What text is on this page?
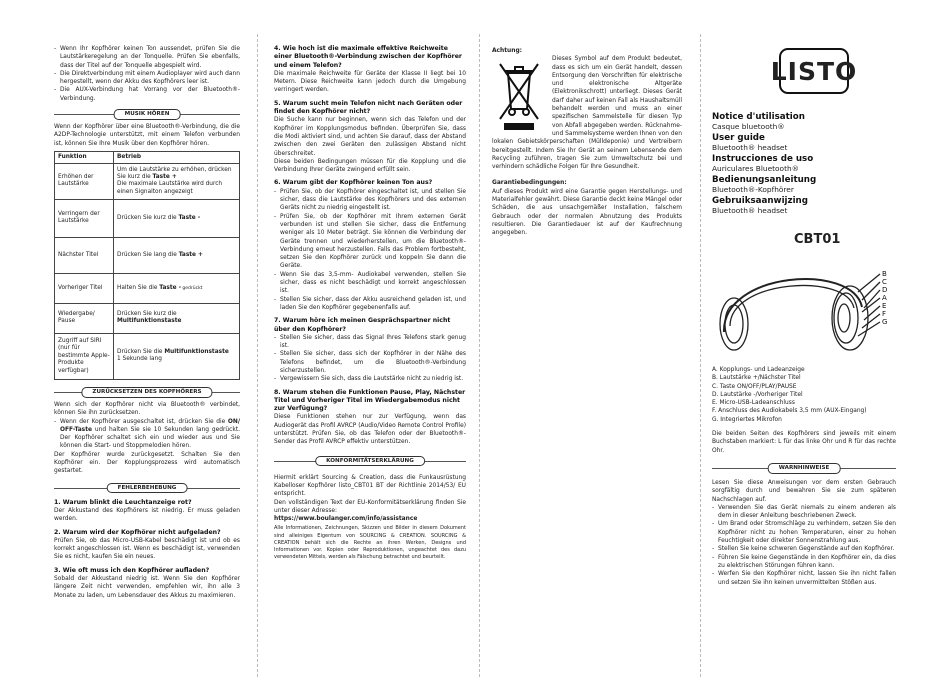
- Wenn Ihr Kopfhörer keinen Ton aussendet, prüfen Sie die Lautstärkeregelung an der Tonquelle. Prüfen Sie ebenfalls, dass der Titel auf der Tonquelle abgespielt wird.
- Die Direktverbindung mit einem Audioplayer wird auch dann hergestellt, wenn der Akku des Kopfhörers leer ist.
- Die AUX-Verbindung hat Vorrang vor der Bluetooth®-Verbindung.
MUSIK HÖREN

Wenn der Kopfhörer über eine Bluetooth®-Verbindung, die die A2DP-Technologie unterstützt, mit einem Telefon verbunden ist, können Sie Ihre Musik über den Kopfhörer hören.

Funktion	Betrieb
Erhöhen der Lautstärke	Um die Lautstärke zu erhöhen, drücken Sie kurz die Taste +
Die maximale Lautstärke wird durch einen Signalton angezeigt
Verringern der Lautstärke	Drücken Sie kurz die Taste -
Nächster Titel	Drücken Sie lang die Taste +
Vorheriger Titel	Halten Sie die Taste - gedrückt
Wiedergabe/ Pause	Drücken Sie kurz die
Multifunktionstaste
Zugriff auf SIRI (nur für bestimmte Apple-Produkte verfügbar)	Drücken Sie die Multifunktionstaste
1 Sekunde lang
ZURÜCKSETZEN DES KOPFHÖRERS

Wenn sich der Kopfhörer nicht via Bluetooth® verbindet, können Sie ihn zurücksetzen.

- Wenn der Kopfhörer ausgeschaltet ist, drücken Sie die ON/ OFF-Taste und halten Sie sie 10 Sekunden lang gedrückt. Der Kopfhörer schaltet sich ein und wieder aus und Sie können die Start- und Stoppmelodien hören.

Der Kopfhörer wurde zurückgesetzt. Schalten Sie den Kopfhörer ein. Der Kopplungsprozess wird automatisch gestartet.

FEHLERBEHEBUNG

1. Warum blinkt die Leuchtanzeige rot?

Der Akkustand des Kopfhörers ist niedrig. Er muss geladen werden.

2. Warum wird der Kopfhörer nicht aufgeladen?

Prüfen Sie, ob das Micro-USB-Kabel beschädigt ist und ob es korrekt angeschlossen ist. Wenn es beschädigt ist, verwenden Sie es nicht, kaufen Sie ein neues.

3. Wie oft muss ich den Kopfhörer aufladen?

Sobald der Akkustand niedrig ist. Wenn Sie den Kopfhörer längere Zeit nicht verwenden, empfehlen wir, ihn alle 3 Monate zu laden, um Lebensdauer des Akkus zu maximieren.

4. Wie hoch ist die maximale effektive Reichweite einer Bluetooth®-Verbindung zwischen der Kopfhörer und einem Telefon?

Die maximale Reichweite für Geräte der Klasse II liegt bei 10 Metern. Diese Reichweite kann jedoch durch die Umgebung verringert werden.

5. Warum sucht mein Telefon nicht nach Geräten oder findet den Kopfhörer nicht?

Die Suche kann nur beginnen, wenn sich das Telefon und der Kopfhörer im Kopplungsmodus befinden. Überprüfen Sie, dass die Modi aktiviert sind, und achten Sie darauf, dass der Abstand zwischen den zwei Geräten den zulässigen Abstand nicht überschreitet.

Diese beiden Bedingungen müssen für die Kopplung und die Verbindung Ihrer Geräte zwingend erfüllt sein.

6. Warum gibt der Kopfhörer keinen Ton aus?

- Prüfen Sie, ob der Kopfhörer eingeschaltet ist, und stellen Sie sicher, dass die Lautstärke des Kopfhörers und des externen Geräts nicht zu niedrig eingestellt ist.
- Prüfen Sie, ob der Kopfhörer mit Ihrem externen Gerät verbunden ist und stellen Sie sicher, dass die Entfernung weniger als 10 Meter beträgt. Sie können die Verbindung der Geräte trennen und wiederherstellen, um die Bluetooth®-Verbindung erneut herzustellen. Falls das Problem fortbesteht, setzen Sie den Kopfhörer zurück und koppeln Sie dann die Geräte.
- Wenn Sie das 3,5-mm- Audiokabel verwenden, stellen Sie sicher, dass es nicht beschädigt und korrekt angeschlossen ist.
- Stellen Sie sicher, dass der Akku ausreichend geladen ist, und laden Sie den Kopfhörer gegebenenfalls auf.

7. Warum höre ich meinen Gesprächspartner nicht über den Kopfhörer?

- Stellen Sie sicher, dass das Signal Ihres Telefons stark genug ist.
- Stellen Sie sicher, dass sich der Kopfhörer in der Nähe des Telefons befindet, um die Bluetooth®-Verbindung sicherzustellen.
- Vergewissern Sie sich, dass die Lautstärke nicht zu niedrig ist.

8. Warum stehen die Funktionen Pause, Play, Nächster Titel und Vorheriger Titel im Wiedergabemodus nicht zur Verfügung?

Diese Funktionen stehen nur zur Verfügung, wenn das Audiogerät das Profil AVRCP (Audio/Video Remote Control Profile) unterstützt. Prüfen Sie, ob das Telefon oder der Bluetooth®-Sender das Profil AVRCP effektiv unterstützen.

KONFORMITÄTSERKLÄRUNG

Hiermit erklärt Sourcing & Creation, dass die Funkausrüstung Kabelloser Kopfhörer listo_CBT01 BT der Richtlinie 2014/53/ EU entspricht.

Den vollständigen Text der EU-Konformitätserklärung finden Sie unter dieser Adresse:

https://www.boulanger.com/info/assistance

Alle Informationen, Zeichnungen, Skizzen und Bilder in diesem Dokument sind alleiniges Eigentum von SOURCING & CREATION. SOURCING & CREATION behält sich die Rechte an ihren Werken, Designs und Informationen vor. Kopien oder Reproduktionen, ungeachtet des dazu verwendeten Mittels, werden als Fälschung betrachtet und beurteilt.

Achtung:

Dieses Symbol auf dem Produkt bedeutet, dass es sich um ein Gerät handelt, dessen Entsorgung den Vorschriften für elektrische und elektronische Altgeräte (Elektronikschrott) unterliegt. Dieses Gerät darf daher auf keinen Fall als Haushaltsmüll behandelt werden und muss an einer spezifischen Sammelstelle für diesen Typ von Abfall abgegeben werden. Rücknahme- und Sammelsysteme werden Ihnen von den lokalen Gebietskörperschaften (Mülldeponie) und Vertreibern bereitgestellt. Indem Sie Ihr Gerät an seinem Lebensende dem Recycling zuführen, tragen Sie zum Umweltschutz bei und verhindern schädliche Folgen für Ihre Gesundheit.

Garantiebedingungen:

Auf dieses Produkt wird eine Garantie gegen Herstellungs- und Materialfehler gewährt. Diese Garantie deckt keine Mängel oder Schäden, die aus unsachgemäßer Installation, falschem Gebrauch oder der normalen Abnutzung des Produkts resultieren. Die Garantiedauer ist auf der Kaufrechnung angegeben.

LISTO
Notice d'utilisation
Casque bluetooth®
User guide
Bluetooth® headset
Instrucciones de uso
Auriculares Bluetooth®
Bedienungsanleitung
Bluetooth®-Kopfhörer
Gebruiksaanwijzing
Bluetooth® headset
CBT01
B
C
D
A
E
F
G

A. Kopplungs- und Ladeanzeige

B. Lautstärke +/Nächster Titel

C. Taste ON/OFF/PLAY/PAUSE

D. Lautstärke -/Vorheriger Titel

E. Micro-USB-Ladeanschluss

F. Anschluss des Audiokabels 3,5 mm (AUX-Eingang)

G. Integriertes Mikrofon

Die beiden Seiten des Kopfhörers sind jeweils mit einem Buchstaben markiert: L für das linke Ohr und R für das rechte Ohr.

WARNHINWEISE

Lesen Sie diese Anweisungen vor dem ersten Gebrauch sorgfältig durch und bewahren Sie sie zum späteren Nachschlagen auf.

- Verwenden Sie das Gerät niemals zu einem anderen als dem in dieser Anleitung beschriebenen Zweck.
- Um Brand oder Stromschläge zu verhindern, setzen Sie den Kopfhörer nicht zu hohen Temperaturen, einer zu hohen Feuchtigkeit oder direkter Sonnenstrahlung aus.
- Stellen Sie keine schweren Gegenstände auf den Kopfhörer.
- Führen Sie keine Gegenstände in den Kopfhörer ein, da dies zu elektrischen Störungen führen kann.
- Werfen Sie den Kopfhörer nicht, lassen Sie ihn nicht fallen und setzen Sie ihn keinen unvermittelten Stößen aus.
